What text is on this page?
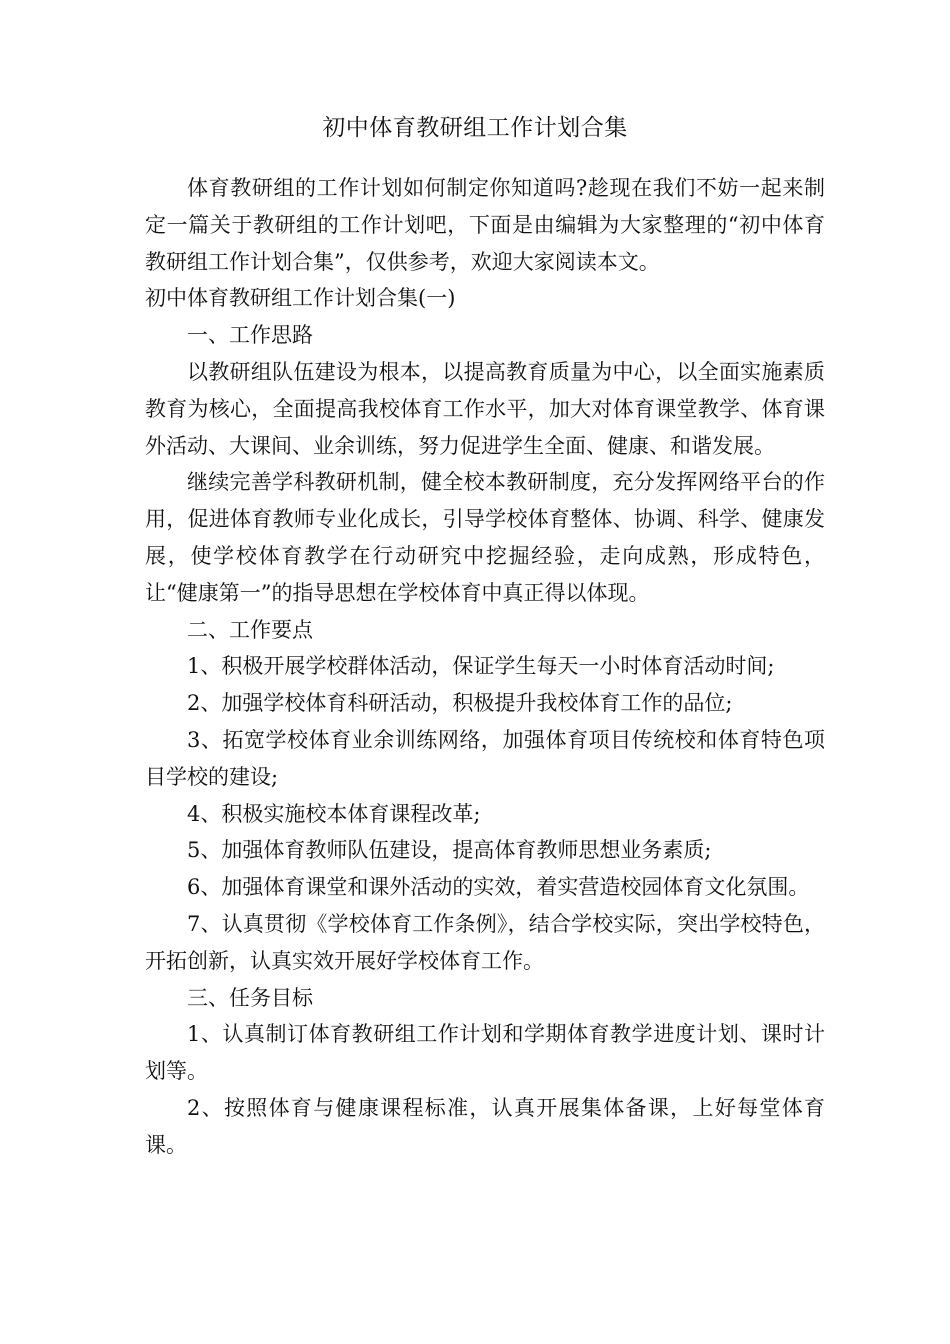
初中体育教研组工作计划合集

体育教研组的工作计划如何制定你知道吗?趁现在我们不妨一起来制定一篇关于教研组的工作计划吧，下面是由编辑为大家整理的“初中体育教研组工作计划合集”，仅供参考，欢迎大家阅读本文。

初中体育教研组工作计划合集(一)

一、工作思路

以教研组队伍建设为根本，以提高教育质量为中心，以全面实施素质教育为核心，全面提高我校体育工作水平，加大对体育课堂教学、体育课外活动、大课间、业余训练，努力促进学生全面、健康、和谐发展。

继续完善学科教研机制，健全校本教研制度，充分发挥网络平台的作用，促进体育教师专业化成长，引导学校体育整体、协调、科学、健康发展，使学校体育教学在行动研究中挖掘经验，走向成熟，形成特色，让“健康第一”的指导思想在学校体育中真正得以体现。

二、工作要点

1、积极开展学校群体活动，保证学生每天一小时体育活动时间;

2、加强学校体育科研活动，积极提升我校体育工作的品位;

3、拓宽学校体育业余训练网络，加强体育项目传统校和体育特色项目学校的建设;

4、积极实施校本体育课程改革;

5、加强体育教师队伍建设，提高体育教师思想业务素质;

6、加强体育课堂和课外活动的实效，着实营造校园体育文化氛围。

7、认真贯彻《学校体育工作条例》，结合学校实际，突出学校特色，开拓创新，认真实效开展好学校体育工作。

三、任务目标

1、认真制订体育教研组工作计划和学期体育教学进度计划、课时计划等。

2、按照体育与健康课程标准，认真开展集体备课，上好每堂体育课。
